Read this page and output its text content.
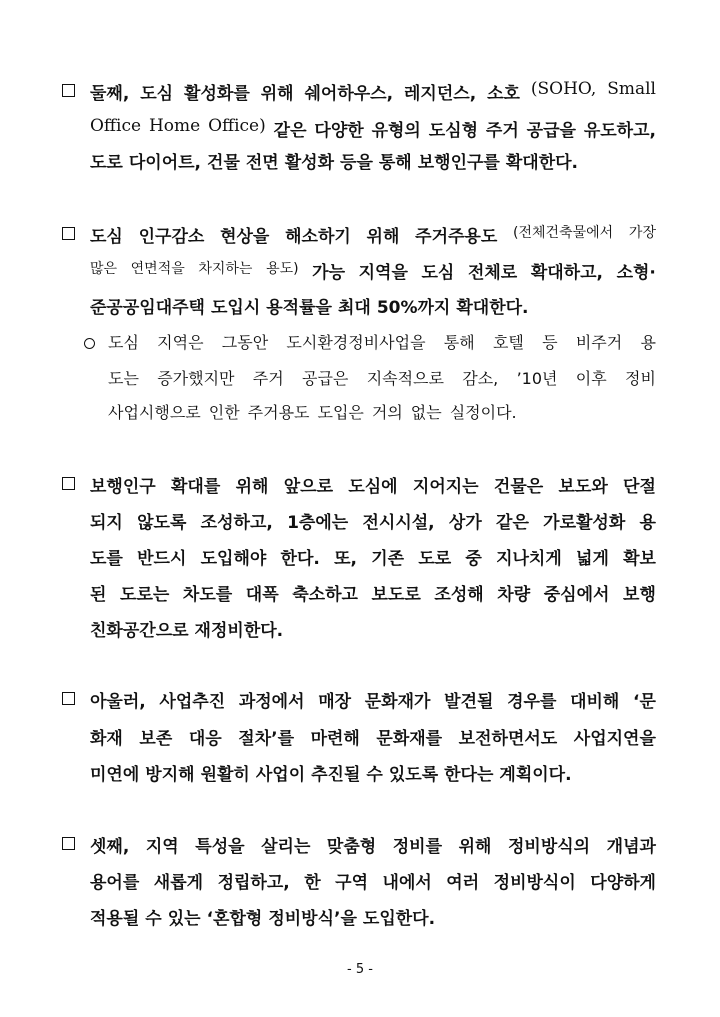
둘째, 도심 활성화를 위해 쉐어하우스, 레지던스, 소호 (SOHO, Small
Office Home Office) 같은 다양한 유형의 도심형 주거 공급을 유도하고,
도로 다이어트, 건물 전면 활성화 등을 통해 보행인구를 확대한다.
도심 인구감소 현상을 해소하기 위해 주거주용도 (전체건축물에서 가장
많은 연면적을 차지하는 용도) 가능 지역을 도심 전체로 확대하고, 소형·
준공공임대주택 도입시 용적률을 최대 50%까지 확대한다.
도심 지역은 그동안 도시환경정비사업을 통해 호텔 등 비주거 용
도는 증가했지만 주거 공급은 지속적으로 감소, ’10년 이후 정비
사업시행으로 인한 주거용도 도입은 거의 없는 실정이다.
보행인구 확대를 위해 앞으로 도심에 지어지는 건물은 보도와 단절
되지 않도록 조성하고, 1층에는 전시시설, 상가 같은 가로활성화 용
도를 반드시 도입해야 한다. 또, 기존 도로 중 지나치게 넓게 확보
된 도로는 차도를 대폭 축소하고 보도로 조성해 차량 중심에서 보행
친화공간으로 재정비한다.
아울러, 사업추진 과정에서 매장 문화재가 발견될 경우를 대비해 ‘문
화재 보존 대응 절차’를 마련해 문화재를 보전하면서도 사업지연을
미연에 방지해 원활히 사업이 추진될 수 있도록 한다는 계획이다.
셋째, 지역 특성을 살리는 맞춤형 정비를 위해 정비방식의 개념과
용어를 새롭게 정립하고, 한 구역 내에서 여러 정비방식이 다양하게
적용될 수 있는 ‘혼합형 정비방식’을 도입한다.
- 5 -
